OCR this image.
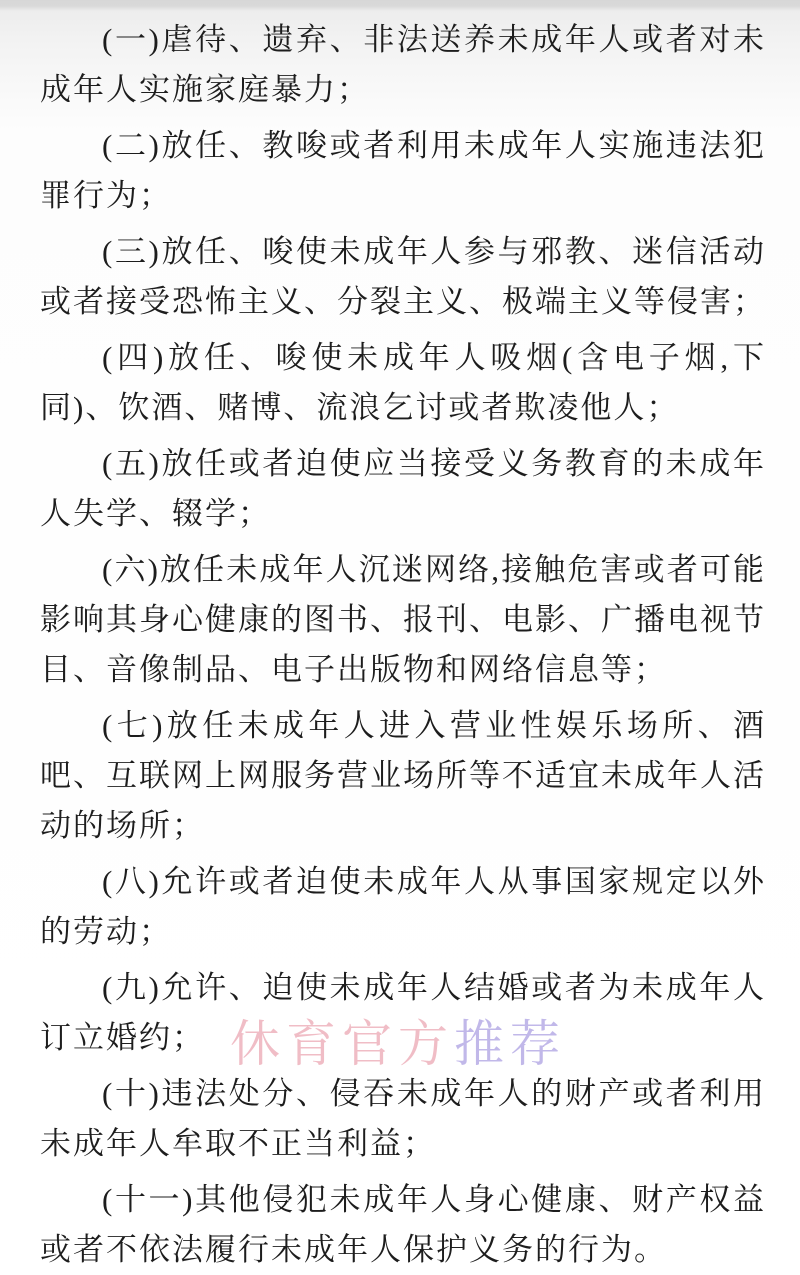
(一)虐待、遗弃、非法送养未成年人或者对未成年人实施家庭暴力；

(二)放任、教唆或者利用未成年人实施违法犯罪行为；

(三)放任、唆使未成年人参与邪教、迷信活动或者接受恐怖主义、分裂主义、极端主义等侵害；

(四)放任、唆使未成年人吸烟(含电子烟,下同)、饮酒、赌博、流浪乞讨或者欺凌他人；

(五)放任或者迫使应当接受义务教育的未成年人失学、辍学；

(六)放任未成年人沉迷网络,接触危害或者可能影响其身心健康的图书、报刊、电影、广播电视节目、音像制品、电子出版物和网络信息等；

(七)放任未成年人进入营业性娱乐场所、酒吧、互联网上网服务营业场所等不适宜未成年人活动的场所；

(八)允许或者迫使未成年人从事国家规定以外的劳动；

(九)允许、迫使未成年人结婚或者为未成年人订立婚约；

(十)违法处分、侵吞未成年人的财产或者利用未成年人牟取不正当利益；

(十一)其他侵犯未成年人身心健康、财产权益或者不依法履行未成年人保护义务的行为。

休育官方推荐
